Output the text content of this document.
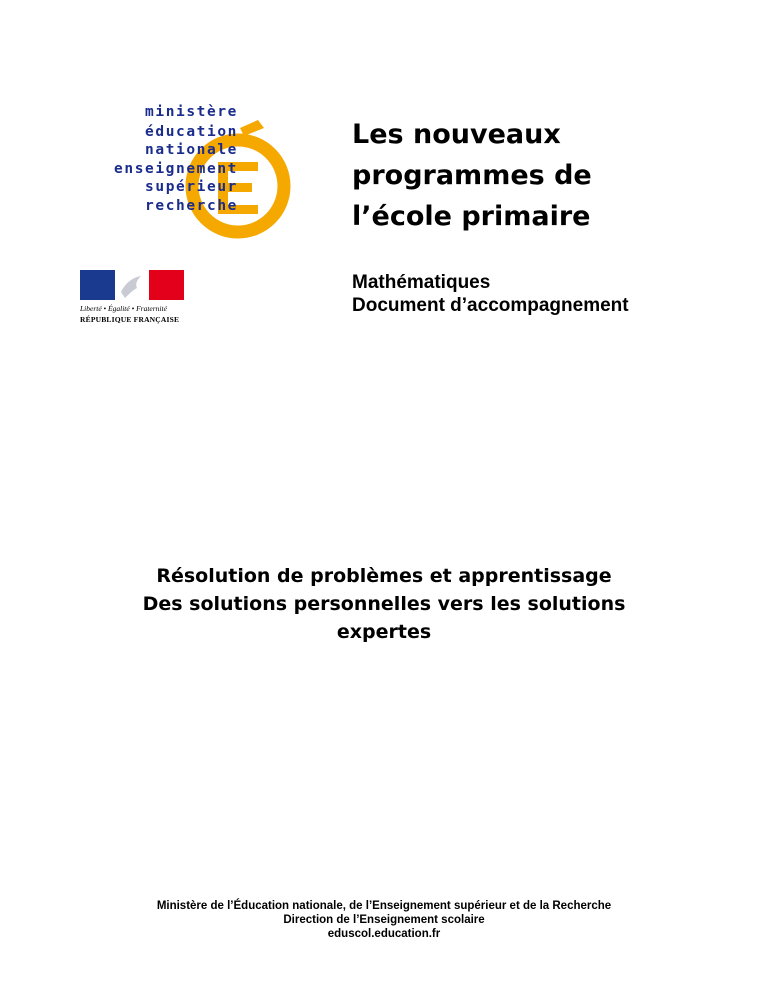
ministère
éducation
nationale
enseignement
supérieur
recherche
Liberté • Égalité • Fraternité
RÉPUBLIQUE FRANÇAISE
Les nouveaux
programmes de
l’école primaire
Mathématiques
Document d’accompagnement
Résolution de problèmes et apprentissage
Des solutions personnelles vers les solutions
expertes
Ministère de l’Éducation nationale, de l’Enseignement supérieur et de la Recherche
Direction de l’Enseignement scolaire
eduscol.education.fr
